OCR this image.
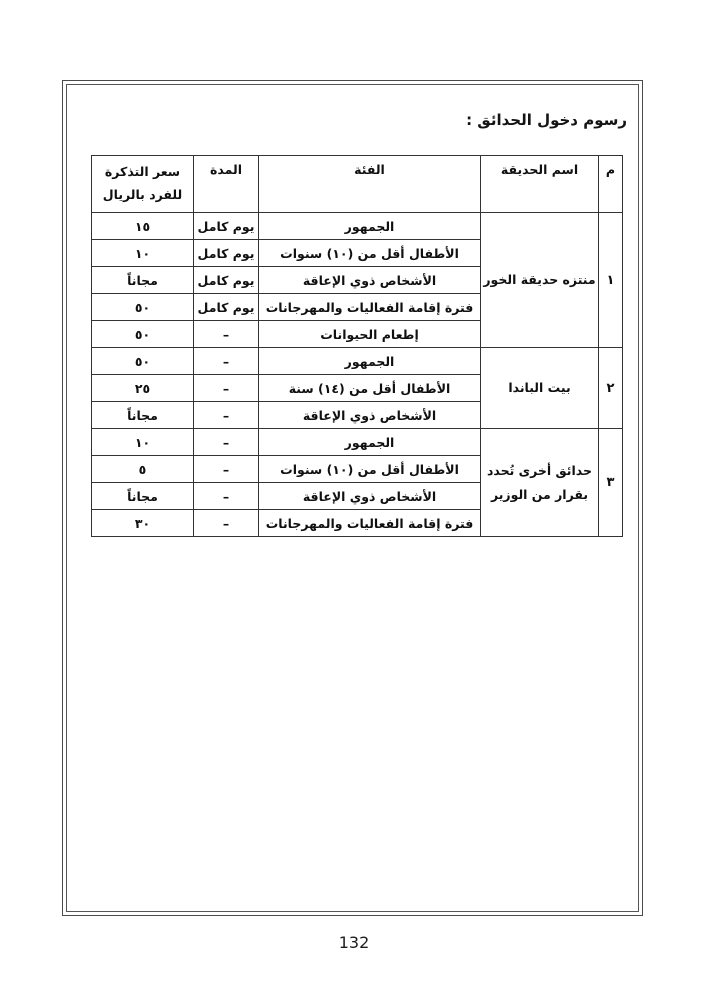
رسوم دخول الحدائق :
م	اسم الحديقة	الفئة	المدة	سعر التذكرة
للفرد بالريال

١	منتزه حديقة الخور	الجمهور	يوم كامل	١٥
		الأطفال أقل من (١٠) سنوات	يوم كامل	١٠
		الأشخاص ذوي الإعاقة	يوم كامل	مجاناً
		فترة إقامة الفعاليات والمهرجانات	يوم كامل	٥٠
		إطعام الحيوانات	–	٥٠
٢	بيت الباندا	الجمهور	–	٥٠
		الأطفال أقل من (١٤) سنة	–	٢٥
		الأشخاص ذوي الإعاقة	–	مجاناً
٣	حدائق أخرى تُحدد بقرار من الوزير	الجمهور	–	١٠
		الأطفال أقل من (١٠) سنوات	–	٥
		الأشخاص ذوي الإعاقة	–	مجاناً
		فترة إقامة الفعاليات والمهرجانات	–	٣٠
132
